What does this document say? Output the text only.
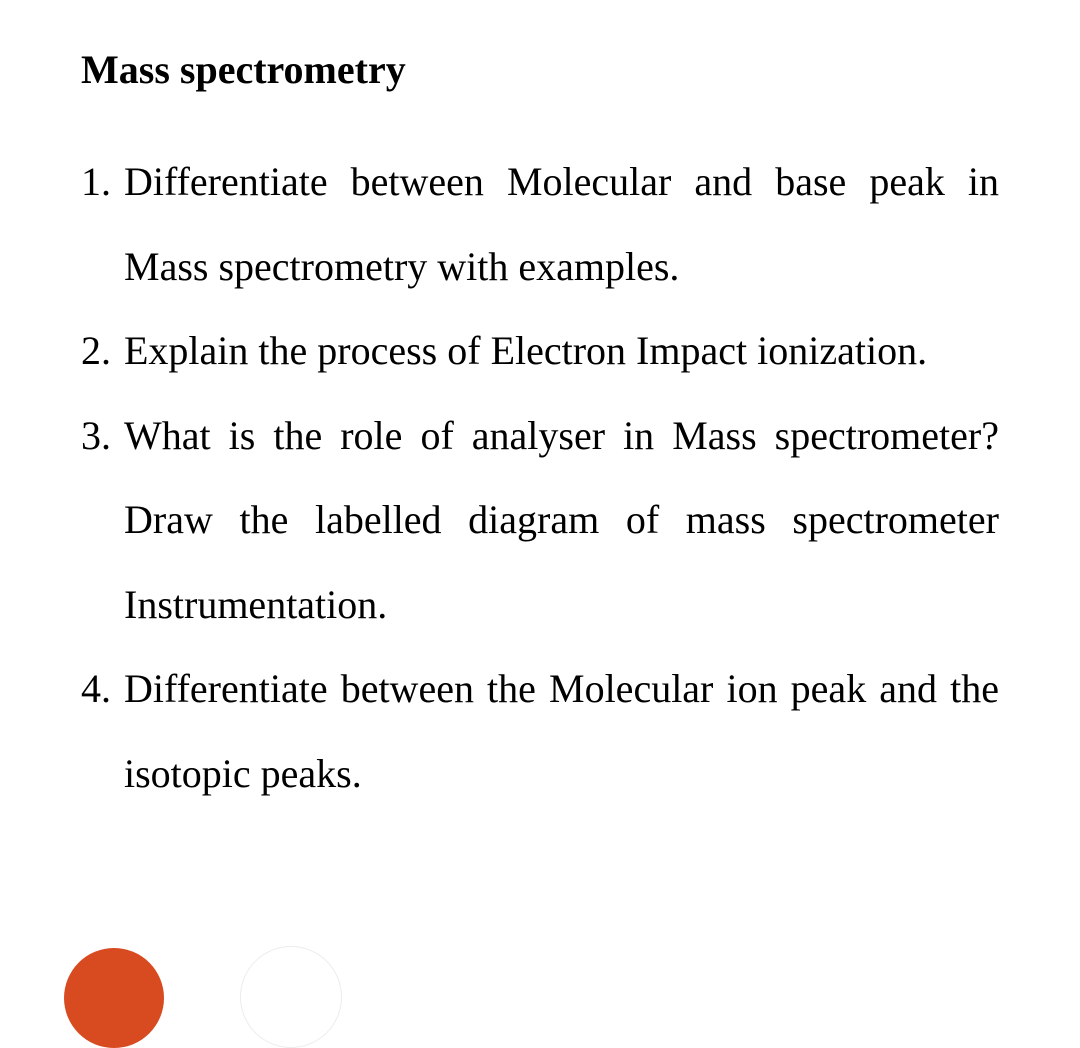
Mass spectrometry
1. Differentiate between Molecular and base peak in Mass spectrometry with examples.
2. Explain the process of Electron Impact ionization.
3. What is the role of analyser in Mass spectrometer? Draw the labelled diagram of mass spectrometer Instrumentation.
4. Differentiate between the Molecular ion peak and the isotopic peaks.
